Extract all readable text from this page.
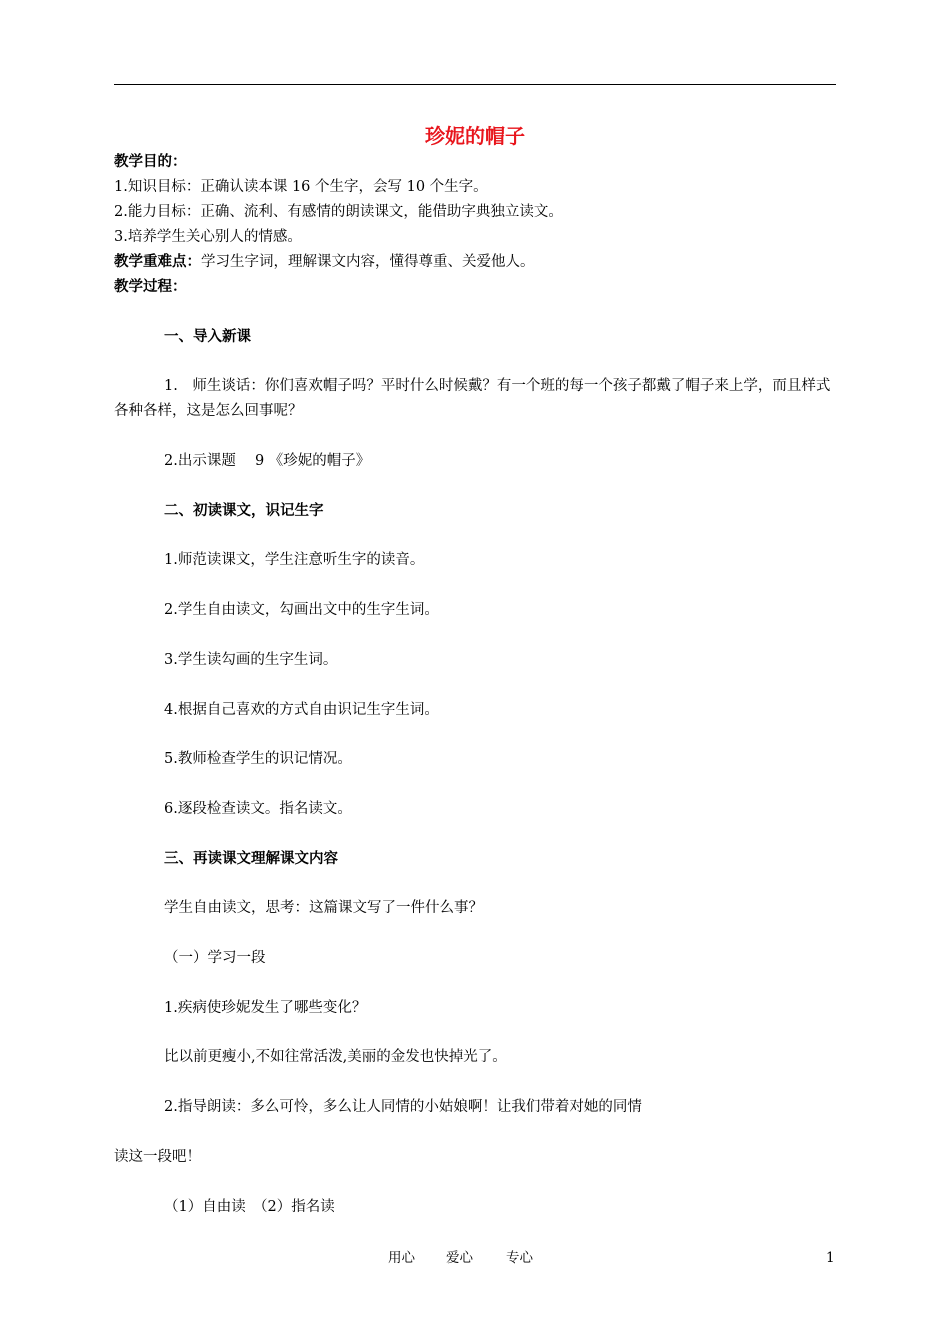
珍妮的帽子
教学目的：
1.知识目标：正确认读本课 16 个生字，会写 10 个生字。
2.能力目标：正确、流利、有感情的朗读课文，能借助字典独立读文。
3.培养学生关心别人的情感。
教学重难点：学习生字词，理解课文内容，懂得尊重、关爱他人。
教学过程：
一、导入新课
1.　师生谈话：你们喜欢帽子吗？平时什么时候戴？有一个班的每一个孩子都戴了帽子来上学，而且样式各种各样，这是怎么回事呢？
2.出示课题　 9 《珍妮的帽子》
二、初读课文，识记生字
1.师范读课文，学生注意听生字的读音。
2.学生自由读文，勾画出文中的生字生词。
3.学生读勾画的生字生词。
4.根据自己喜欢的方式自由识记生字生词。
5.教师检查学生的识记情况。
6.逐段检查读文。指名读文。
三、再读课文理解课文内容
学生自由读文，思考：这篇课文写了一件什么事？
（一）学习一段
1.疾病使珍妮发生了哪些变化？
比以前更瘦小,不如往常活泼,美丽的金发也快掉光了。
2.指导朗读：多么可怜，多么让人同情的小姑娘啊！让我们带着对她的同情
读这一段吧！
（1）自由读　（2）指名读
用心 爱心 专心	1
